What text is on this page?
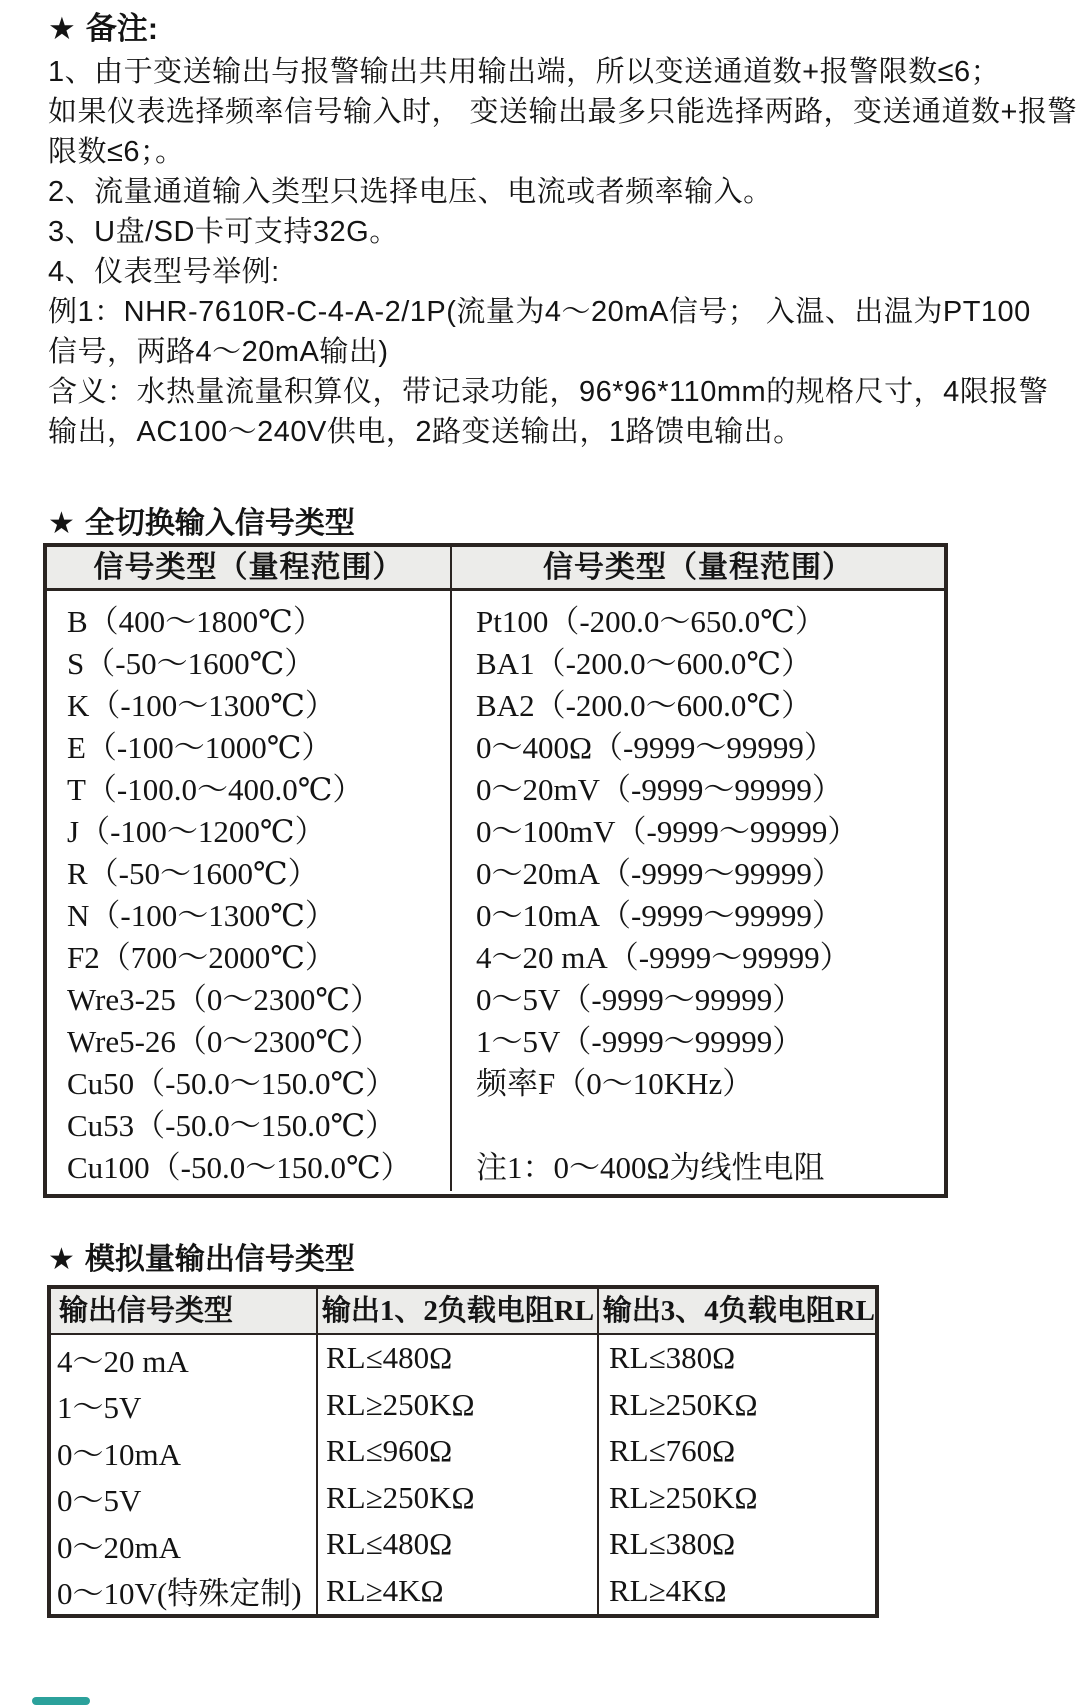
★ 备注:
1、由于变送输出与报警输出共用输出端，所以变送通道数+报警限数≤6；
如果仪表选择频率信号输入时， 变送输出最多只能选择两路，变送通道数+报警
限数≤6；。
2、流量通道输入类型只选择电压、电流或者频率输入。
3、U盘/SD卡可支持32G。
4、仪表型号举例:
例1：NHR-7610R-C-4-A-2/1P(流量为4～20mA信号； 入温、出温为PT100
信号，两路4～20mA输出)
含义：水热量流量积算仪，带记录功能，96*96*110mm的规格尺寸，4限报警
输出，AC100～240V供电，2路变送输出，1路馈电输出。
★ 全切换输入信号类型
信号类型（量程范围）	信号类型（量程范围）
B（400～1800℃）
S（-50～1600℃）
K（-100～1300℃）
E（-100～1000℃）
T（-100.0～400.0℃）
J（-100～1200℃）
R（-50～1600℃）
N（-100～1300℃）
F2（700～2000℃）
Wre3-25（0～2300℃）
Wre5-26（0～2300℃）
Cu50（-50.0～150.0℃）
Cu53（-50.0～150.0℃）
Cu100（-50.0～150.0℃）
Pt100（-200.0～650.0℃）
BA1（-200.0～600.0℃）
BA2（-200.0～600.0℃）
0～400Ω（-9999～99999）
0～20mV（-9999～99999）
0～100mV（-9999～99999）
0～20mA（-9999～99999）
0～10mA（-9999～99999）
4～20 mA（-9999～99999）
0～5V（-9999～99999）
1～5V（-9999～99999）
频率F（0～10KHz）
注1：0～400Ω为线性电阻
★ 模拟量输出信号类型
输出信号类型	输出1、2负载电阻RL 输出3、4负载电阻RL
4～20 mA
1～5V
0～10mA
0～5V
0～20mA
0～10V(特殊定制)
RL≤480Ω
RL≥250KΩ
RL≤960Ω
RL≥250KΩ
RL≤480Ω
RL≥4KΩ
RL≤380Ω
RL≥250KΩ
RL≤760Ω
RL≥250KΩ
RL≤380Ω
RL≥4KΩ
